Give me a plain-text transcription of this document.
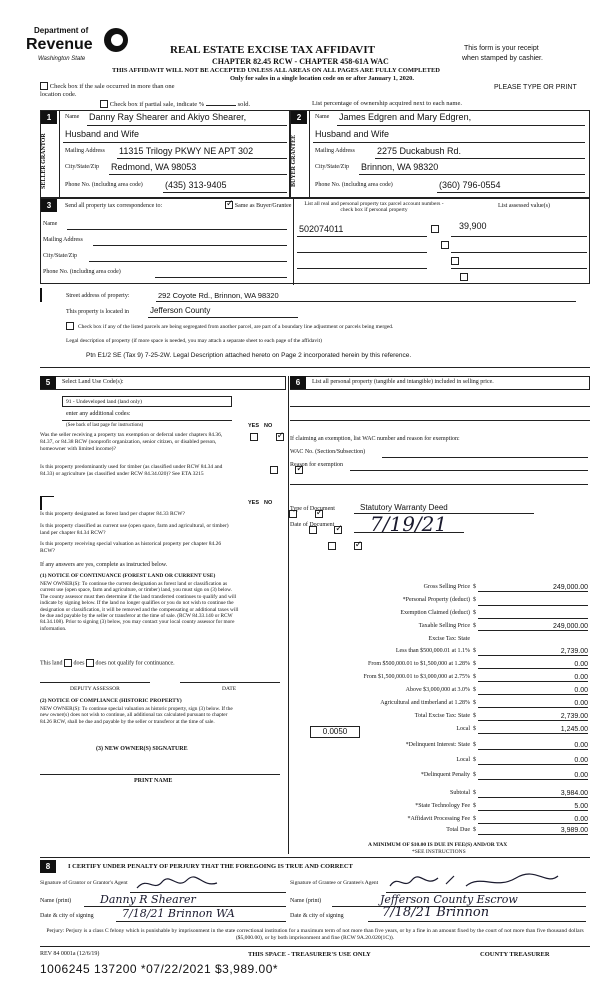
Department of
Revenue
Washington State
REAL ESTATE EXCISE TAX AFFIDAVIT
CHAPTER 82.45 RCW - CHAPTER 458-61A WAC
This form is your receipt
when stamped by cashier.
THIS AFFIDAVIT WILL NOT BE ACCEPTED UNLESS ALL AREAS ON ALL PAGES ARE FULLY COMPLETED
Only for sales in a single location code on or after January 1, 2020.
PLEASE TYPE OR PRINT
Check box if the sale occurred in more than one location code.
Check box if partial sale, indicate %	sold.	List percentage of ownership acquired next to each name.
1
SELLER GRANTOR
Name Danny Ray Shearer and Akiyo Shearer,
Husband and Wife
Mailing Address 11315 Trilogy PKWY NE APT 302
City/State/Zip Redmond, WA 98053
Phone No. (including area code) (435) 313-9405
2
BUYER GRANTEE
Name James Edgren and Mary Edgren,
Husband and Wife
Mailing Address 2275 Duckabush Rd.
City/State/Zip Brinnon, WA 98320
Phone No. (including area code)	(360) 796-0554
3	Send all property tax correspondence to:
✓	Same as Buyer/Grantee
Name
Mailing Address
City/State/Zip
Phone No. (including area code)
List all real and personal property tax parcel account numbers - check box if personal property
List assessed value(s)
502074011	39,900

Street address of property:	292 Coyote Rd., Brinnon, WA 98320
This property is located in	Jefferson County
Check box if any of the listed parcels are being segregated from another parcel, are part of a boundary line adjustment or parcels being merged.
Legal description of property (if more space is needed, you may attach a separate sheet to each page of the affidavit)
Ptn E1/2 SE (Tax 9) 7-25-2W. Legal Description attached hereto on Page 2 incorporated herein by this reference.
5	Select Land Use Code(s):
91 - Undeveloped land (land only)
enter any additional codes:
(See back of last page for instructions)	YES NO
Was the seller receiving a property tax exemption or deferral under chapters 84.36, 84.37, or 84.38 RCW (nonprofit organization, senior citizen, or disabled person, homeowner with limited income)?
✓
Is this property predominantly used for timber (as classified under RCW 84.34 and 84.33) or agriculture (as classified under RCW 84.34.020)? See ETA 3215
✓
YES NO
Is this property designated as forest land per chapter 84.33 RCW?
✓
Is this property classified as current use (open space, farm and agricultural, or timber) land per chapter 84.34 RCW?
✓
Is this property receiving special valuation as historical property per chapter 84.26 RCW?
✓
If any answers are yes, complete as instructed below.
(1) NOTICE OF CONTINUANCE (FOREST LAND OR CURRENT USE)
NEW OWNER(S): To continue the current designation as forest land or classification as current use (open space, farm and agriculture, or timber) land, you must sign on (3) below. The county assessor must then determine if the land transferred continues to qualify and will indicate by signing below. If the land no longer qualifies or you do not wish to continue the designation or classification, it will be removed and the compensating or additional taxes will be due and payable by the seller or transferor at the time of sale. (RCW 84.33.140 or RCW 84.34.108). Prior to signing (3) below, you may contact your local county assessor for more information.
This land does does not qualify for continuance.
DEPUTY ASSESSOR	DATE
(2) NOTICE OF COMPLIANCE (HISTORIC PROPERTY)
NEW OWNER(S): To continue special valuation as historic property, sign (3) below. If the new owner(s) does not wish to continue, all additional tax calculated pursuant to chapter 84.26 RCW, shall be due and payable by the seller or transferor at the time of sale.
(3) NEW OWNER(S) SIGNATURE
PRINT NAME
6	List all personal property (tangible and intangible) included in selling price.
If claiming an exemption, list WAC number and reason for exemption:
WAC No. (Section/Subsection)
Reason for exemption
Type of Document	Statutory Warranty Deed
Date of Document 7/19/21
Gross Selling Price $	249,000.00
*Personal Property (deduct) $
Exemption Claimed (deduct) $
Taxable Selling Price $	249,000.00
Excise Tax: State
Less than $500,000.01 at 1.1% $	2,739.00
From $500,000.01 to $1,500,000 at 1.28% $	0.00
From $1,500,000.01 to $3,000,000 at 2.75% $	0.00
Above $3,000,000 at 3.0% $	0.00
Agricultural and timberland at 1.28% $	0.00
Total Excise Tax: State $	2,739.00
0.0050	Local $	1,245.00
*Delinquent Interest: State $	0.00
Local $	0.00
*Delinquent Penalty $	0.00
Subtotal $	3,984.00
*State Technology Fee $	5.00
*Affidavit Processing Fee $	0.00
Total Due $	3,989.00
A MINIMUM OF $10.00 IS DUE IN FEE(S) AND/OR TAX
*SEE INSTRUCTIONS
8	I CERTIFY UNDER PENALTY OF PERJURY THAT THE FOREGOING IS TRUE AND CORRECT
Signature of Grantor or Grantor's Agent
Name (print)	Danny R Shearer
Date & city of signing	7/18/21 Brinnon WA
Signature of Grantee or Grantee's Agent
Name (print)	Jefferson County Escrow
Date & city of signing	7/18/21 Brinnon
Perjury: Perjury is a class C felony which is punishable by imprisonment in the state correctional institution for a maximum term of not more than five years, or by a fine in an amount fixed by the court of not more than five thousand dollars ($5,000.00), or by both imprisonment and fine (RCW 9A.20.020(1C)).
REV 84 0001a (12/6/19)	THIS SPACE - TREASURER'S USE ONLY	COUNTY TREASURER
1006245 137200 *07/22/2021 $3,989.00*
